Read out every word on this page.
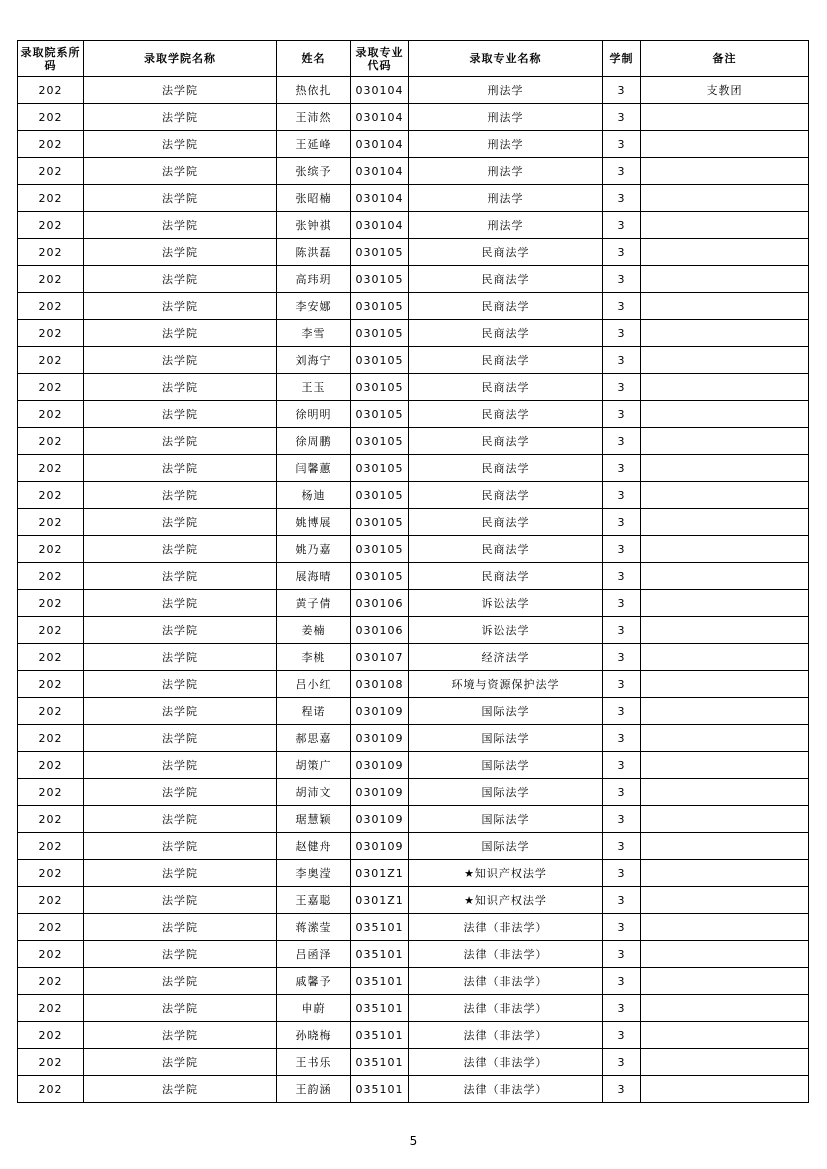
录取院系所码	录取学院名称	姓名	录取专业代码	录取专业名称	学制	备注
202	法学院	热依扎	030104	刑法学	3	支教团
202	法学院	王沛然	030104	刑法学	3	
202	法学院	王延峰	030104	刑法学	3	
202	法学院	张缤予	030104	刑法学	3	
202	法学院	张昭楠	030104	刑法学	3	
202	法学院	张钟祺	030104	刑法学	3	
202	法学院	陈洪磊	030105	民商法学	3	
202	法学院	高玮玥	030105	民商法学	3	
202	法学院	李安娜	030105	民商法学	3	
202	法学院	李雪	030105	民商法学	3	
202	法学院	刘海宁	030105	民商法学	3	
202	法学院	王玉	030105	民商法学	3	
202	法学院	徐明明	030105	民商法学	3	
202	法学院	徐周鹏	030105	民商法学	3	
202	法学院	闫馨蕙	030105	民商法学	3	
202	法学院	杨迪	030105	民商法学	3	
202	法学院	姚博展	030105	民商法学	3	
202	法学院	姚乃嘉	030105	民商法学	3	
202	法学院	展海晴	030105	民商法学	3	
202	法学院	黄子倩	030106	诉讼法学	3	
202	法学院	姜楠	030106	诉讼法学	3	
202	法学院	李桃	030107	经济法学	3	
202	法学院	吕小红	030108	环境与资源保护法学	3	
202	法学院	程诺	030109	国际法学	3	
202	法学院	郝思嘉	030109	国际法学	3	
202	法学院	胡策广	030109	国际法学	3	
202	法学院	胡沛文	030109	国际法学	3	
202	法学院	琚慧颖	030109	国际法学	3	
202	法学院	赵健舟	030109	国际法学	3	
202	法学院	李奥滢	0301Z1	★知识产权法学	3	
202	法学院	王嘉聪	0301Z1	★知识产权法学	3	
202	法学院	蒋潆莹	035101	法律（非法学）	3	
202	法学院	吕函泽	035101	法律（非法学）	3	
202	法学院	戚馨予	035101	法律（非法学）	3	
202	法学院	申蔚	035101	法律（非法学）	3	
202	法学院	孙晓梅	035101	法律（非法学）	3	
202	法学院	王书乐	035101	法律（非法学）	3	
202	法学院	王韵涵	035101	法律（非法学）	3	
5
